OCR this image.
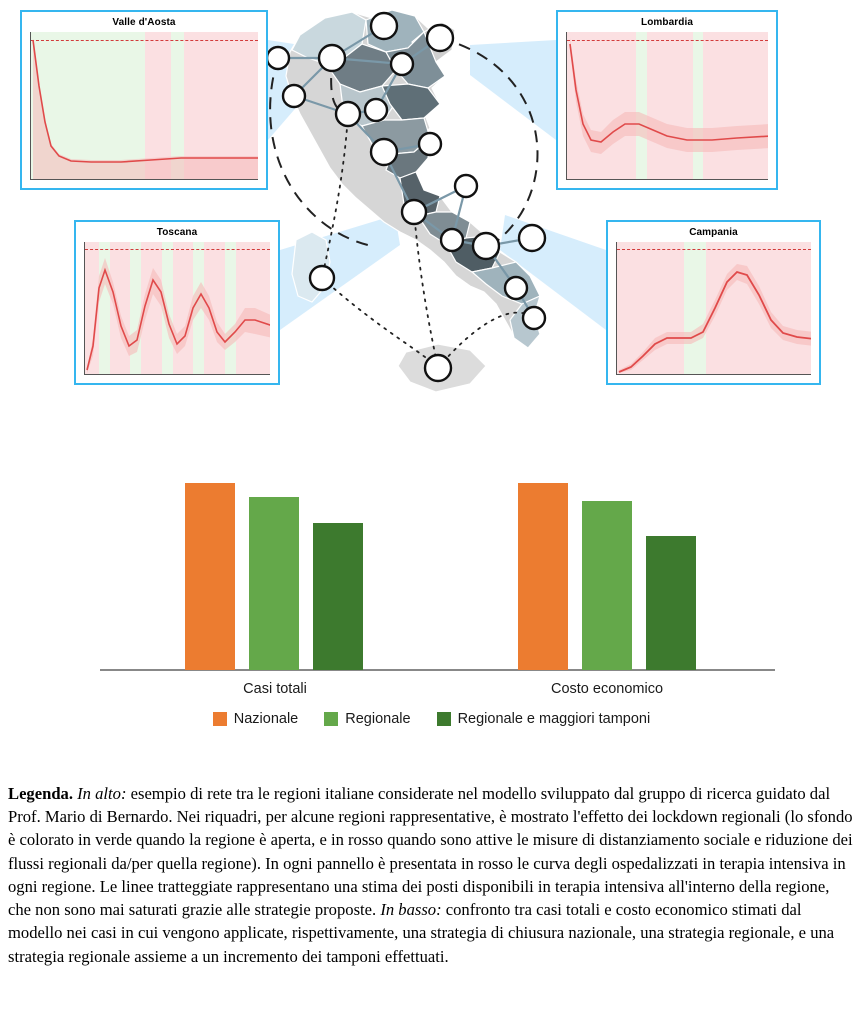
Valle d'Aosta	Lombardia
Toscana	Campania
Casi totali	Costo economico
Nazionale	Regionale	Regionale e maggiori tamponi
Legenda. In alto: esempio di rete tra le regioni italiane considerate nel modello sviluppato dal gruppo di ricerca guidato dal Prof. Mario di Bernardo. Nei riquadri, per alcune regioni rappresentative, è mostrato l'effetto dei lockdown regionali (lo sfondo è colorato in verde quando la regione è aperta, e in rosso quando sono attive le misure di distanziamento sociale e riduzione dei flussi regionali da/per quella regione). In ogni pannello è presentata in rosso le curva degli ospedalizzati in terapia intensiva in ogni regione. Le linee tratteggiate rappresentano una stima dei posti disponibili in terapia intensiva all'interno della regione, che non sono mai saturati grazie alle strategie proposte. In basso: confronto tra casi totali e costo economico stimati dal modello nei casi in cui vengono applicate, rispettivamente, una strategia di chiusura nazionale, una strategia regionale, e una strategia regionale assieme a un incremento dei tamponi effettuati.
